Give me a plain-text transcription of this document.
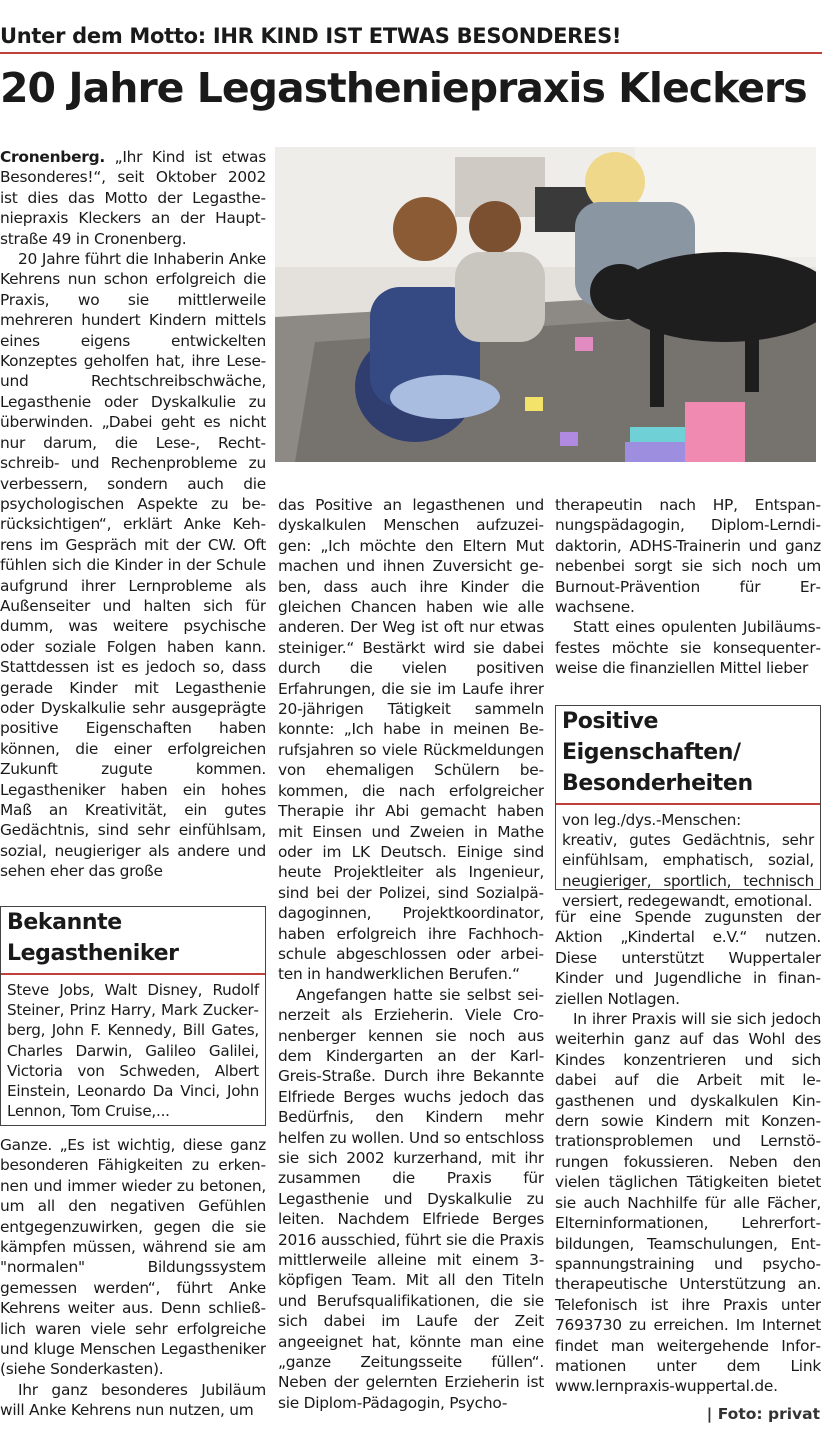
Unter dem Motto: IHR KIND IST ETWAS BESONDERES!
20 Jahre Legastheniepraxis Kleckers

Cronenberg. „Ihr Kind ist etwas Besonderes!“, seit Oktober 2002 ist dies das Motto der Legastheniepraxis Kleckers an der Hauptstraße 49 in Cronenberg.

20 Jahre führt die Inhaberin Anke Kehrens nun schon erfolgreich die Praxis, wo sie mittlerweile mehreren hundert Kindern mittels eines eigens entwickelten Konzeptes geholfen hat, ihre Lese- und Rechtschreibschwäche, Legasthenie oder Dyskalkulie zu überwinden. „Dabei geht es nicht nur darum, die Lese-, Rechtschreib- und Rechenprobleme zu verbessern, sondern auch die psychologischen Aspekte zu berücksichtigen“, erklärt Anke Kehrens im Gespräch mit der CW. Oft fühlen sich die Kinder in der Schule aufgrund ihrer Lernprobleme als Außenseiter und halten sich für dumm, was weitere psychische oder soziale Folgen haben kann. Stattdessen ist es jedoch so, dass gerade Kinder mit Legasthenie oder Dyskalkulie sehr ausgeprägte positive Eigenschaften haben können, die einer erfolgreichen Zukunft zugute kommen. Legastheniker haben ein hohes Maß an Kreativität, ein gutes Gedächtnis, sind sehr einfühlsam, sozial, neugieriger als andere und sehen eher das große

Bekannte Legastheniker
Steve Jobs, Walt Disney, Rudolf Steiner, Prinz Harry, Mark Zuckerberg, John F. Kennedy, Bill Gates, Charles Darwin, Galileo Galilei, Victoria von Schweden, Albert Einstein, Leonardo Da Vinci, John Lennon, Tom Cruise,...

Ganze. „Es ist wichtig, diese ganz besonderen Fähigkeiten zu erkennen und immer wieder zu betonen, um all den negativen Gefühlen entgegenzuwirken, gegen die sie kämpfen müssen, während sie am "normalen" Bildungssystem gemessen werden“, führt Anke Kehrens weiter aus. Denn schließlich waren viele sehr erfolgreiche und kluge Menschen Legastheniker (siehe Sonderkasten).

Ihr ganz besonderes Jubiläum will Anke Kehrens nun nutzen, um

das Positive an legasthenen und dyskalkulen Menschen aufzuzeigen: „Ich möchte den Eltern Mut machen und ihnen Zuversicht geben, dass auch ihre Kinder die gleichen Chancen haben wie alle anderen. Der Weg ist oft nur etwas steiniger.“ Bestärkt wird sie dabei durch die vielen positiven Erfahrungen, die sie im Laufe ihrer 20-jährigen Tätigkeit sammeln konnte: „Ich habe in meinen Berufsjahren so viele Rückmeldungen von ehemaligen Schülern bekommen, die nach erfolgreicher Therapie ihr Abi gemacht haben mit Einsen und Zweien in Mathe oder im LK Deutsch. Einige sind heute Projektleiter als Ingenieur, sind bei der Polizei, sind Sozialpädagoginnen, Projektkoordinator, haben erfolgreich ihre Fachhochschule abgeschlossen oder arbeiten in handwerklichen Berufen.“

Angefangen hatte sie selbst seinerzeit als Erzieherin. Viele Cronenberger kennen sie noch aus dem Kindergarten an der Karl-Greis-Straße. Durch ihre Bekannte Elfriede Berges wuchs jedoch das Bedürfnis, den Kindern mehr helfen zu wollen. Und so entschloss sie sich 2002 kurzerhand, mit ihr zusammen die Praxis für Legasthenie und Dyskalkulie zu leiten. Nachdem Elfriede Berges 2016 ausschied, führt sie die Praxis mittlerweile alleine mit einem 3-köpfigen Team. Mit all den Titeln und Berufsqualifikationen, die sie sich dabei im Laufe der Zeit angeeignet hat, könnte man eine „ganze Zeitungsseite füllen“. Neben der gelernten Erzieherin ist sie Diplom-Pädagogin, Psycho-

therapeutin nach HP, Entspannungspädagogin, Diplom-Lerndidaktorin, ADHS-Trainerin und ganz nebenbei sorgt sie sich noch um Burnout-Prävention für Erwachsene.

Statt eines opulenten Jubiläumsfestes möchte sie konsequenterweise die finanziellen Mittel lieber

Positive Eigenschaften/ Besonderheiten
von leg./dys.-Menschen:
kreativ, gutes Gedächtnis, sehr einfühlsam, emphatisch, sozial, neugieriger, sportlich, technisch versiert, redegewandt, emotional.

für eine Spende zugunsten der Aktion „Kindertal e.V.“ nutzen. Diese unterstützt Wuppertaler Kinder und Jugendliche in finanziellen Notlagen.

In ihrer Praxis will sie sich jedoch weiterhin ganz auf das Wohl des Kindes konzentrieren und sich dabei auf die Arbeit mit legasthenen und dyskalkulen Kindern sowie Kindern mit Konzentrationsproblemen und Lernstörungen fokussieren. Neben den vielen täglichen Tätigkeiten bietet sie auch Nachhilfe für alle Fächer, Elterninformationen, Lehrerfortbildungen, Teamschulungen, Entspannungstraining und psychotherapeutische Unterstützung an. Telefonisch ist ihre Praxis unter 7693730 zu erreichen. Im Internet findet man weitergehende Informationen unter dem Link www.lernpraxis-wuppertal.de.

| Foto: privat
